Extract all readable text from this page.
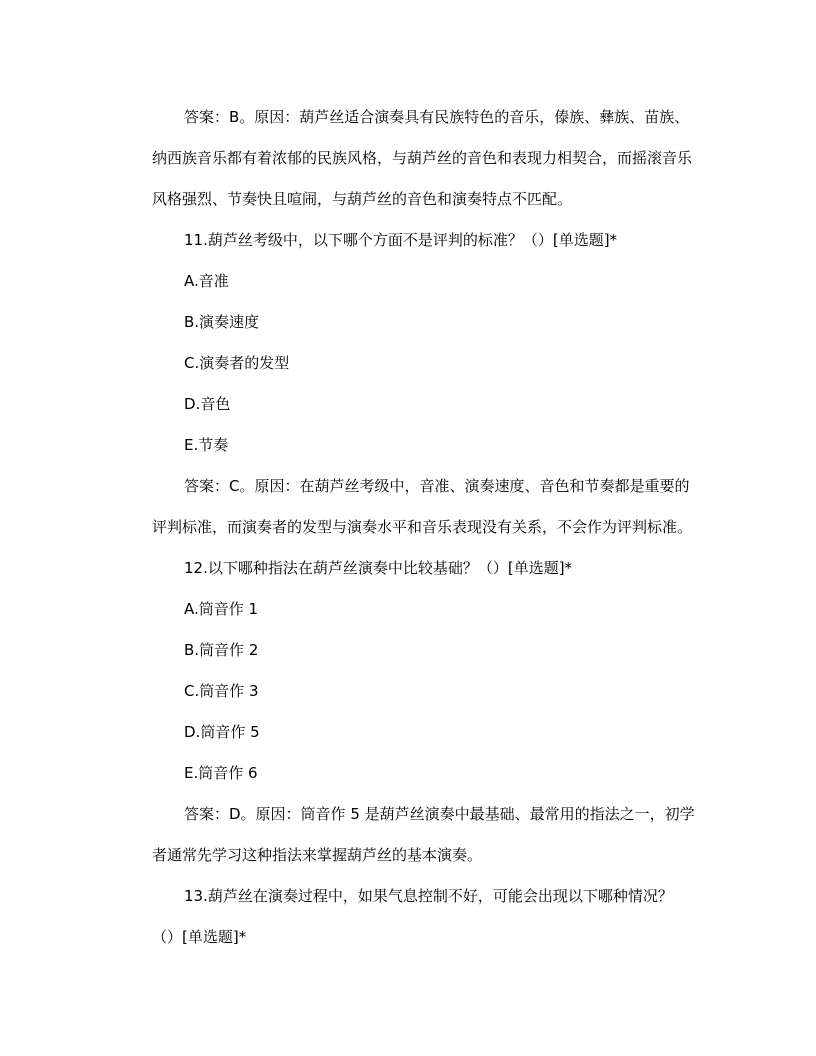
答案：B。原因：葫芦丝适合演奏具有民族特色的音乐，傣族、彝族、苗族、
纳西族音乐都有着浓郁的民族风格，与葫芦丝的音色和表现力相契合，而摇滚音乐
风格强烈、节奏快且喧闹，与葫芦丝的音色和演奏特点不匹配。
11.葫芦丝考级中，以下哪个方面不是评判的标准？（）[单选题]*
A.音准
B.演奏速度
C.演奏者的发型
D.音色
E.节奏
答案：C。原因：在葫芦丝考级中，音准、演奏速度、音色和节奏都是重要的
评判标准，而演奏者的发型与演奏水平和音乐表现没有关系，不会作为评判标准。
12.以下哪种指法在葫芦丝演奏中比较基础？（）[单选题]*
A.筒音作 1
B.筒音作 2
C.筒音作 3
D.筒音作 5
E.筒音作 6
答案：D。原因：筒音作 5 是葫芦丝演奏中最基础、最常用的指法之一，初学
者通常先学习这种指法来掌握葫芦丝的基本演奏。
13.葫芦丝在演奏过程中，如果气息控制不好，可能会出现以下哪种情况？
（）[单选题]*
